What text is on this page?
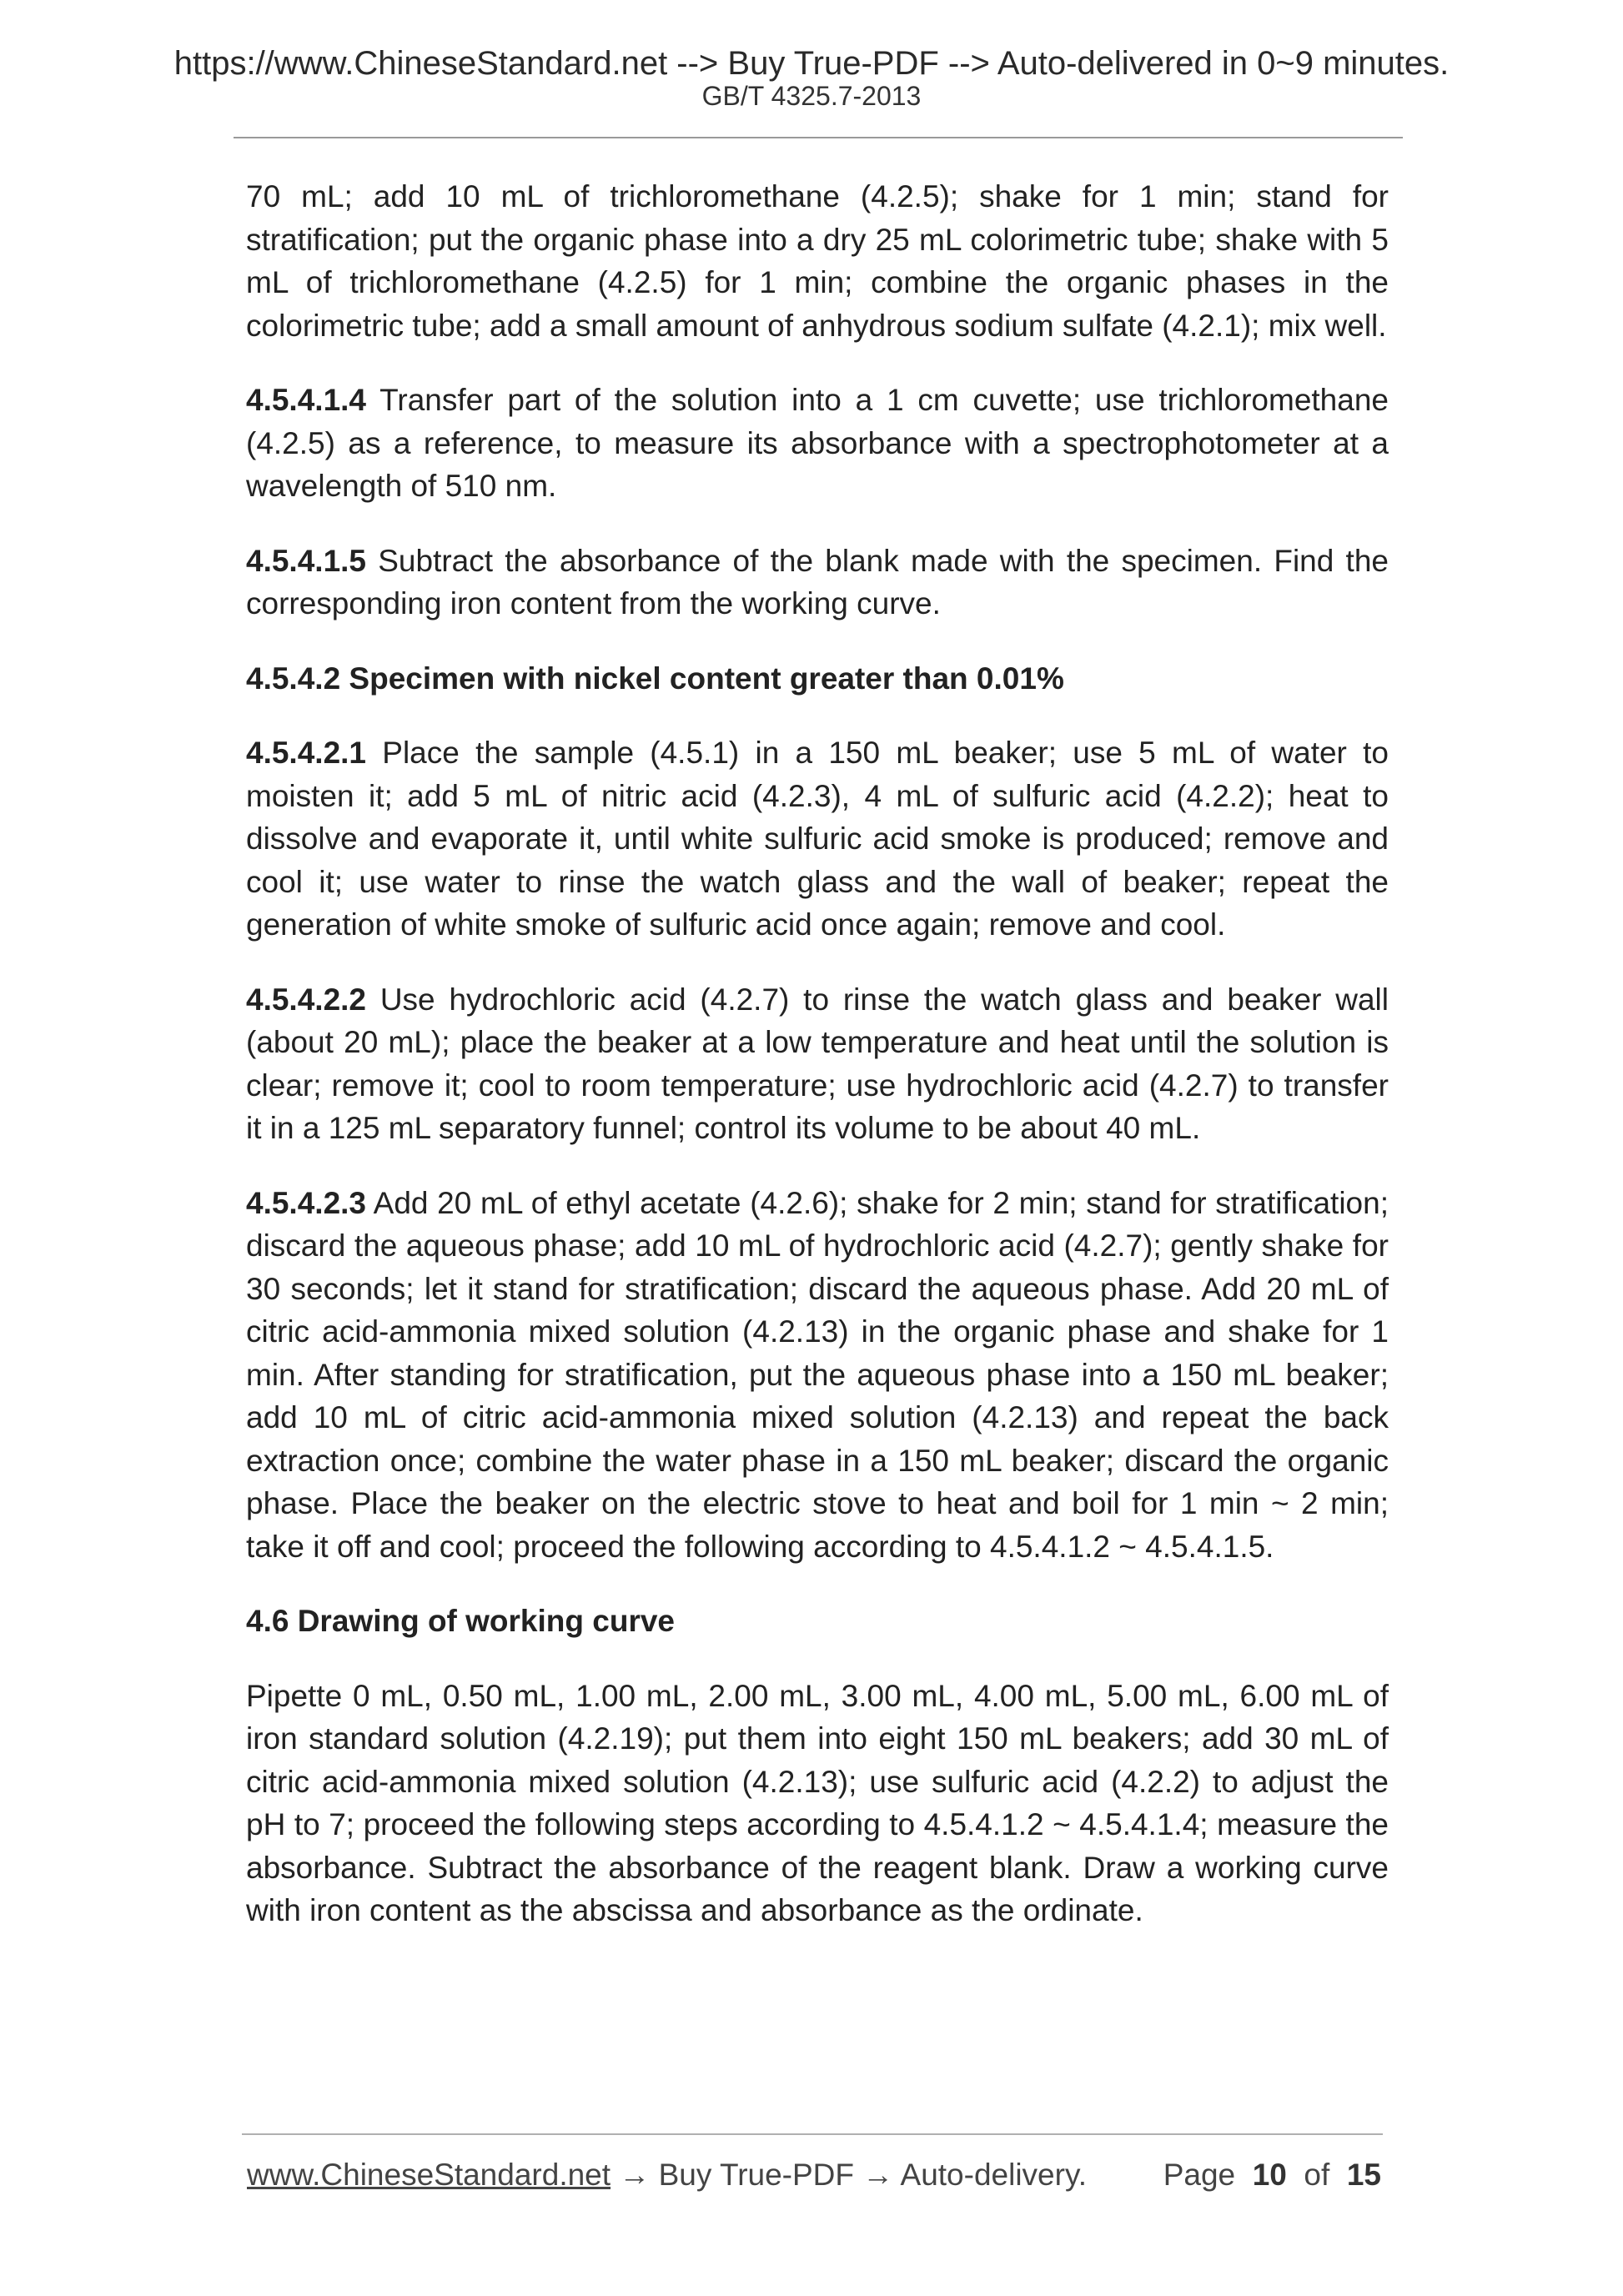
https://www.ChineseStandard.net --> Buy True-PDF --> Auto-delivered in 0~9 minutes.
GB/T 4325.7-2013

70 mL; add 10 mL of trichloromethane (4.2.5); shake for 1 min; stand for stratification; put the organic phase into a dry 25 mL colorimetric tube; shake with 5 mL of trichloromethane (4.2.5) for 1 min; combine the organic phases in the colorimetric tube; add a small amount of anhydrous sodium sulfate (4.2.1); mix well.

4.5.4.1.4 Transfer part of the solution into a 1 cm cuvette; use trichloromethane (4.2.5) as a reference, to measure its absorbance with a spectrophotometer at a wavelength of 510 nm.

4.5.4.1.5 Subtract the absorbance of the blank made with the specimen. Find the corresponding iron content from the working curve.

4.5.4.2 Specimen with nickel content greater than 0.01%

4.5.4.2.1 Place the sample (4.5.1) in a 150 mL beaker; use 5 mL of water to moisten it; add 5 mL of nitric acid (4.2.3), 4 mL of sulfuric acid (4.2.2); heat to dissolve and evaporate it, until white sulfuric acid smoke is produced; remove and cool it; use water to rinse the watch glass and the wall of beaker; repeat the generation of white smoke of sulfuric acid once again; remove and cool.

4.5.4.2.2 Use hydrochloric acid (4.2.7) to rinse the watch glass and beaker wall (about 20 mL); place the beaker at a low temperature and heat until the solution is clear; remove it; cool to room temperature; use hydrochloric acid (4.2.7) to transfer it in a 125 mL separatory funnel; control its volume to be about 40 mL.

4.5.4.2.3 Add 20 mL of ethyl acetate (4.2.6); shake for 2 min; stand for stratification; discard the aqueous phase; add 10 mL of hydrochloric acid (4.2.7); gently shake for 30 seconds; let it stand for stratification; discard the aqueous phase. Add 20 mL of citric acid-ammonia mixed solution (4.2.13) in the organic phase and shake for 1 min. After standing for stratification, put the aqueous phase into a 150 mL beaker; add 10 mL of citric acid-ammonia mixed solution (4.2.13) and repeat the back extraction once; combine the water phase in a 150 mL beaker; discard the organic phase. Place the beaker on the electric stove to heat and boil for 1 min ~ 2 min; take it off and cool; proceed the following according to 4.5.4.1.2 ~ 4.5.4.1.5.

4.6 Drawing of working curve

Pipette 0 mL, 0.50 mL, 1.00 mL, 2.00 mL, 3.00 mL, 4.00 mL, 5.00 mL, 6.00 mL of iron standard solution (4.2.19); put them into eight 150 mL beakers; add 30 mL of citric acid-ammonia mixed solution (4.2.13); use sulfuric acid (4.2.2) to adjust the pH to 7; proceed the following steps according to 4.5.4.1.2 ~ 4.5.4.1.4; measure the absorbance. Subtract the absorbance of the reagent blank. Draw a working curve with iron content as the abscissa and absorbance as the ordinate.

www.ChineseStandard.net → Buy True-PDF → Auto-delivery. Page 10 of 15
